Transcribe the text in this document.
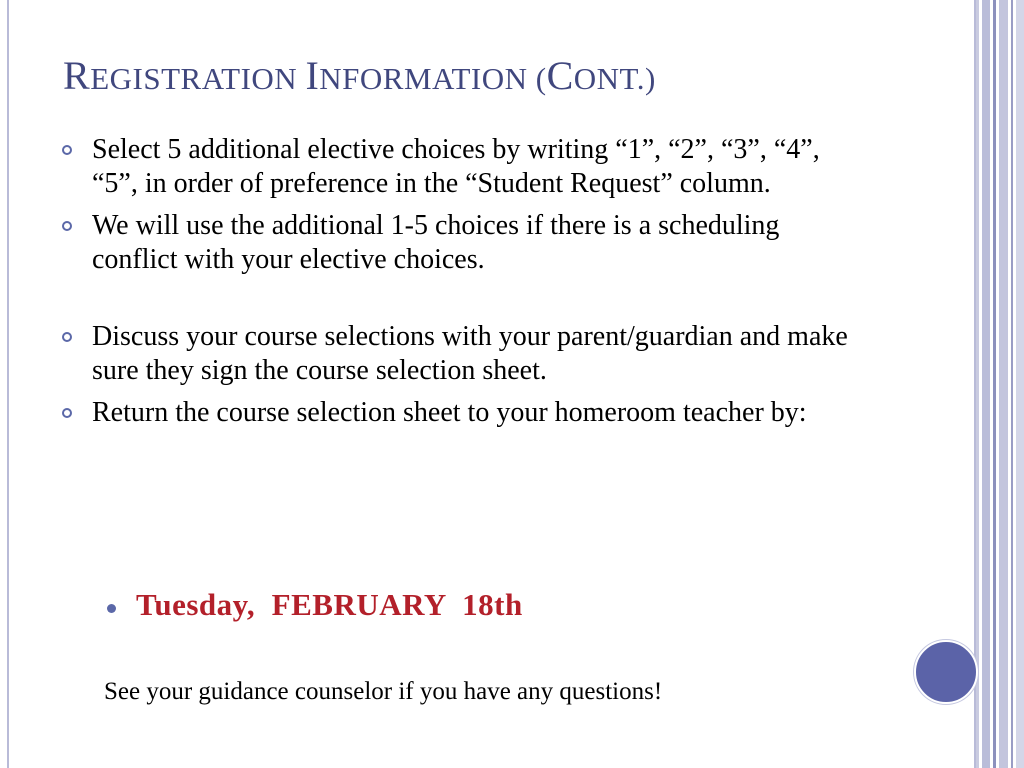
REGISTRATION INFORMATION (CONT.)
Select 5 additional elective choices by writing “1”, “2”, “3”, “4”, “5”, in order of preference in the “Student Request” column.
We will use the additional 1-5 choices if there is a scheduling conflict with your elective choices.
Discuss your course selections with your parent/guardian and make sure they sign the course selection sheet.
Return the course selection sheet to your homeroom teacher by:
Tuesday,  FEBRUARY  18th
See your guidance counselor if you have any questions!
